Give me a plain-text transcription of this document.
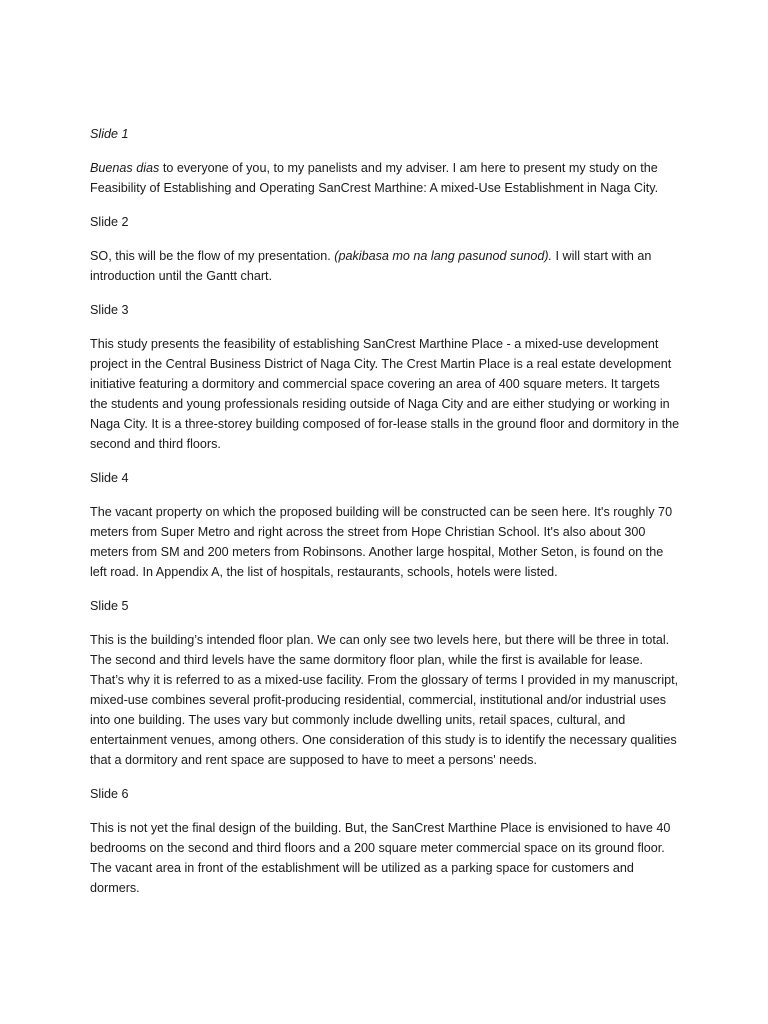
Slide 1
Buenas dias to everyone of you, to my panelists and my adviser. I am here to present my study on the Feasibility of Establishing and Operating SanCrest Marthine: A mixed-Use Establishment in Naga City.
Slide 2
SO, this will be the flow of my presentation. (pakibasa mo na lang pasunod sunod). I will start with an introduction until the Gantt chart.
Slide 3
This study presents the feasibility of establishing SanCrest Marthine Place - a mixed-use development project in the Central Business District of Naga City. The Crest Martin Place is a real estate development initiative featuring a dormitory and commercial space covering an area of 400 square meters. It targets the students and young professionals residing outside of Naga City and are either studying or working in Naga City. It is a three-storey building composed of for-lease stalls in the ground floor and dormitory in the second and third floors.
Slide 4
The vacant property on which the proposed building will be constructed can be seen here. It's roughly 70 meters from Super Metro and right across the street from Hope Christian School. It's also about 300 meters from SM and 200 meters from Robinsons. Another large hospital, Mother Seton, is found on the left road. In Appendix A, the list of hospitals, restaurants, schools, hotels were listed.
Slide 5
This is the building’s intended floor plan. We can only see two levels here, but there will be three in total. The second and third levels have the same dormitory floor plan, while the first is available for lease. That’s why it is referred to as a mixed-use facility. From the glossary of terms I provided in my manuscript, mixed-use combines several profit-producing residential, commercial, institutional and/or industrial uses into one building. The uses vary but commonly include dwelling units, retail spaces, cultural, and entertainment venues, among others. One consideration of this study is to identify the necessary qualities that a dormitory and rent space are supposed to have to meet a persons' needs.
Slide 6
This is not yet the final design of the building. But, the SanCrest Marthine Place is envisioned to have 40 bedrooms on the second and third floors and a 200 square meter commercial space on its ground floor. The vacant area in front of the establishment will be utilized as a parking space for customers and dormers.
